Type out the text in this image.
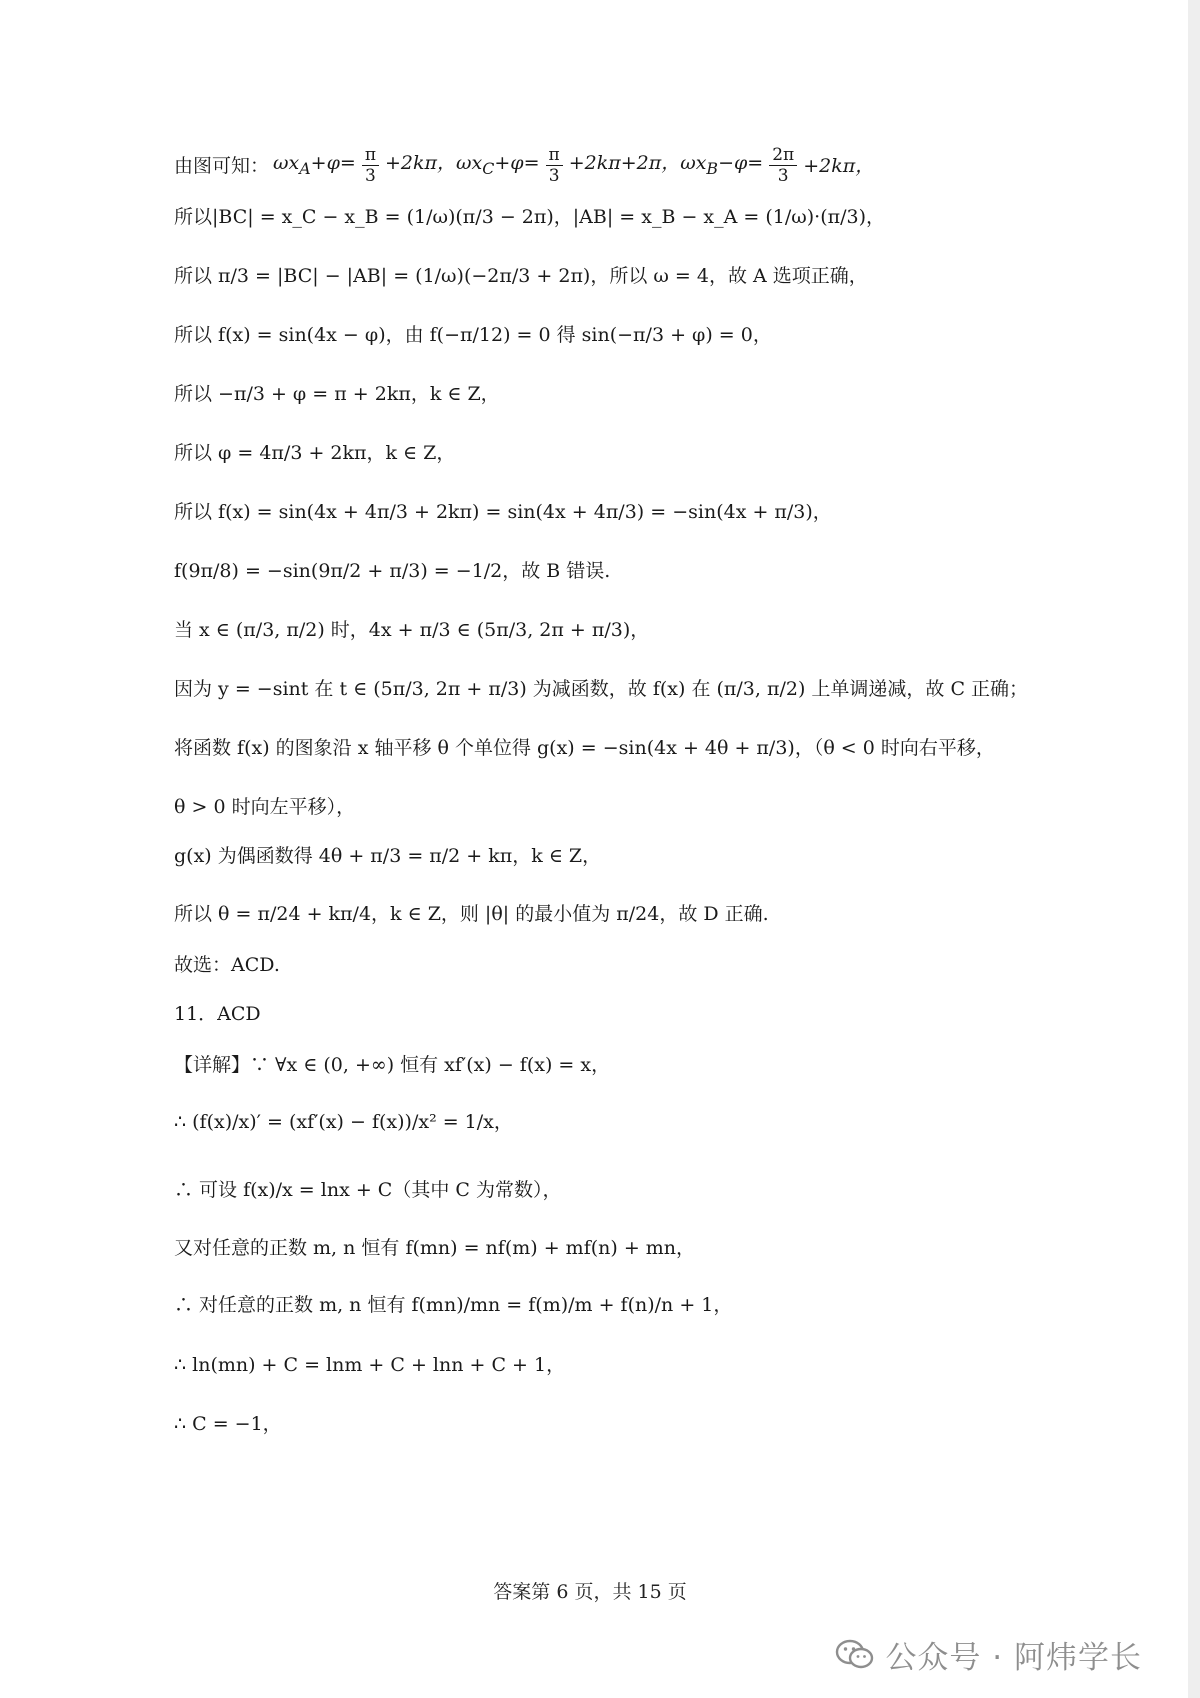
由图可知： $\omega x_A+\varphi= \frac{\pi}{3} +2k\pi$，$\omega x_C+\varphi= \frac{\pi}{3} +2k\pi+2\pi$，$\omega x_B-\varphi= \frac{2\pi}{3} +2k\pi$，
所以|BC| = x_C − x_B = (1/ω)(π/3 − 2π)，|AB| = x_B − x_A = (1/ω)·(π/3)，
所以 π/3 = |BC| − |AB| = (1/ω)(−2π/3 + 2π)，所以 ω = 4，故 A 选项正确，
所以 f(x) = sin(4x − φ)，由 f(−π/12) = 0 得 sin(−π/3 + φ) = 0，
所以 −π/3 + φ = π + 2kπ，k ∈ Z，
所以 φ = 4π/3 + 2kπ，k ∈ Z，
所以 f(x) = sin(4x + 4π/3 + 2kπ) = sin(4x + 4π/3) = −sin(4x + π/3)，
f(9π/8) = −sin(9π/2 + π/3) = −1/2，故 B 错误.
当 x ∈ (π/3, π/2) 时，4x + π/3 ∈ (5π/3, 2π + π/3)，
因为 y = −sint 在 t ∈ (5π/3, 2π + π/3) 为减函数，故 f(x) 在 (π/3, π/2) 上单调递减，故 C 正确；
将函数 f(x) 的图象沿 x 轴平移 θ 个单位得 g(x) = −sin(4x + 4θ + π/3)，（θ < 0 时向右平移，
θ > 0 时向左平移），
g(x) 为偶函数得 4θ + π/3 = π/2 + kπ，k ∈ Z，
所以 θ = π/24 + kπ/4，k ∈ Z，则 |θ| 的最小值为 π/24，故 D 正确.
故选：ACD.
11．ACD
【详解】∵ ∀x ∈ (0, +∞) 恒有 xf′(x) − f(x) = x，
∴ (f(x)/x)′ = (xf′(x) − f(x))/x² = 1/x，
∴ 可设 f(x)/x = lnx + C（其中 C 为常数），
又对任意的正数 m, n 恒有 f(mn) = nf(m) + mf(n) + mn，
∴ 对任意的正数 m, n 恒有 f(mn)/mn = f(m)/m + f(n)/n + 1，
∴ ln(mn) + C = lnm + C + lnn + C + 1，
∴ C = −1，
答案第 6 页，共 15 页
公众号 · 阿炜学长
